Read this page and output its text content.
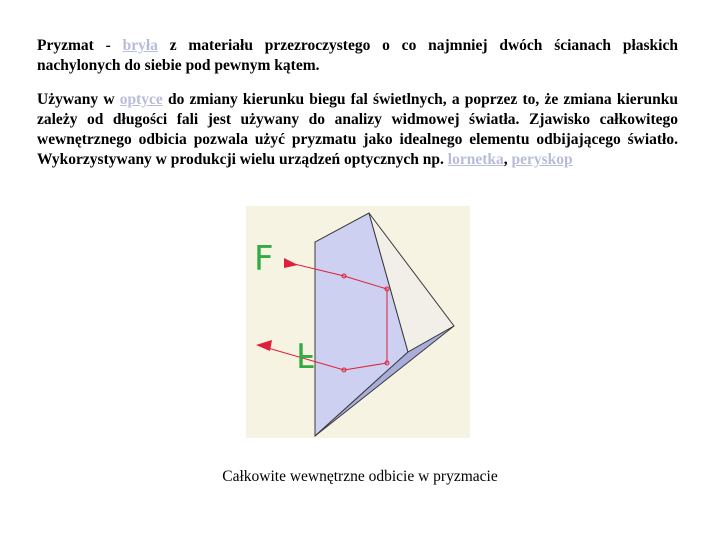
Pryzmat - bryła z materiału przezroczystego o co najmniej dwóch ścianach płaskich nachylonych do siebie pod pewnym kątem.

Używany w optyce do zmiany kierunku biegu fal świetlnych, a poprzez to, że zmiana kierunku zależy od długości fali jest używany do analizy widmowej światła. Zjawisko całkowitego wewnętrznego odbicia pozwala użyć pryzmatu jako idealnego elementu odbijającego światło. Wykorzystywany w produkcji wielu urządzeń optycznych np. lornetka, peryskop

F
F
Całkowite wewnętrzne odbicie w pryzmacie
